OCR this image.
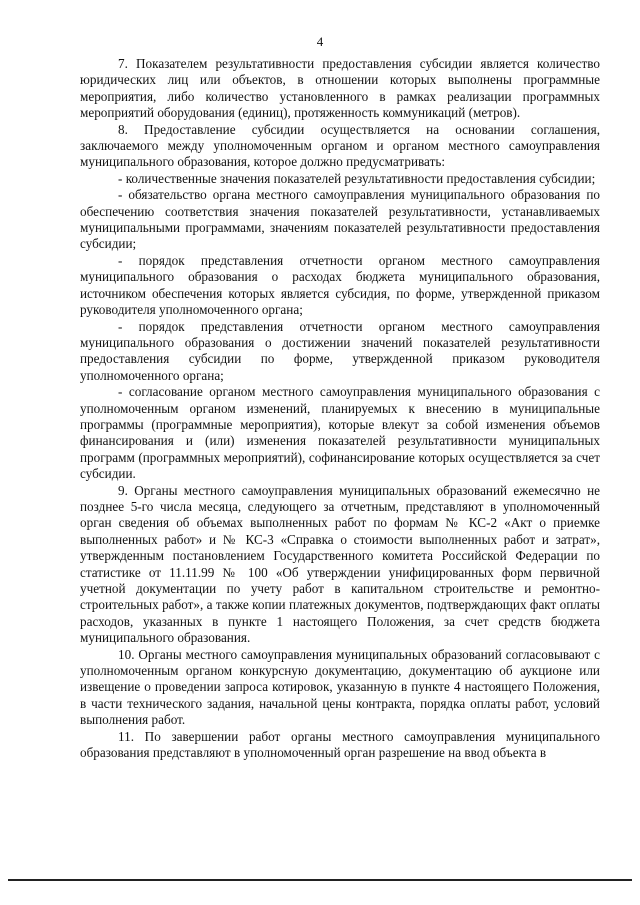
4

7. Показателем результативности предоставления субсидии является количество юридических лиц или объектов, в отношении которых выполнены программные мероприятия, либо количество установленного в рамках реализации программных мероприятий оборудования (единиц), протяженность коммуникаций (метров).

8. Предоставление субсидии осуществляется на основании соглашения, заключаемого между уполномоченным органом и органом местного самоуправления муниципального образования, которое должно предусматривать:

- количественные значения показателей результативности предоставления субсидии;

- обязательство органа местного самоуправления муниципального образования по обеспечению соответствия значения показателей результативности, устанавливаемых муниципальными программами, значениям показателей результативности предоставления субсидии;

- порядок представления отчетности органом местного самоуправления муниципального образования о расходах бюджета муниципального образования, источником обеспечения которых является субсидия, по форме, утвержденной приказом руководителя уполномоченного органа;

- порядок представления отчетности органом местного самоуправления муниципального образования о достижении значений показателей результативности предоставления субсидии по форме, утвержденной приказом руководителя уполномоченного органа;

- согласование органом местного самоуправления муниципального образования с уполномоченным органом изменений, планируемых к внесению в муниципальные программы (программные мероприятия), которые влекут за собой изменения объемов финансирования и (или) изменения показателей результативности муниципальных программ (программных мероприятий), софинансирование которых осуществляется за счет субсидии.

9. Органы местного самоуправления муниципальных образований ежемесячно не позднее 5-го числа месяца, следующего за отчетным, представляют в уполномоченный орган сведения об объемах выполненных работ по формам № КС-2 «Акт о приемке выполненных работ» и № КС-3 «Справка о стоимости выполненных работ и затрат», утвержденным постановлением Государственного комитета Российской Федерации по статистике от 11.11.99 № 100 «Об утверждении унифицированных форм первичной учетной документации по учету работ в капитальном строительстве и ремонтно-строительных работ», а также копии платежных документов, подтверждающих факт оплаты расходов, указанных в пункте 1 настоящего Положения, за счет средств бюджета муниципального образования.

10. Органы местного самоуправления муниципальных образований согласовывают с уполномоченным органом конкурсную документацию, документацию об аукционе или извещение о проведении запроса котировок, указанную в пункте 4 настоящего Положения, в части технического задания, начальной цены контракта, порядка оплаты работ, условий выполнения работ.

11. По завершении работ органы местного самоуправления муниципального образования представляют в уполномоченный орган разрешение на ввод объекта в
